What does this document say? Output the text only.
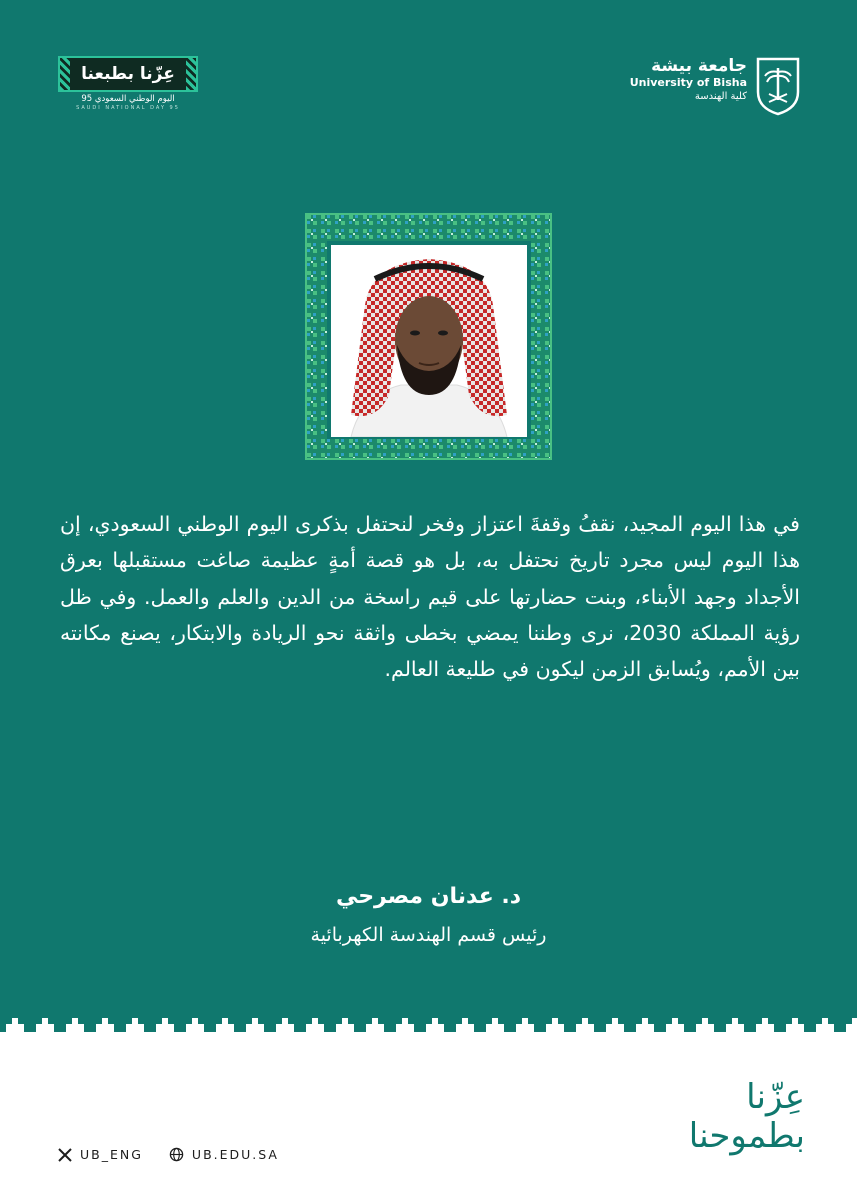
عِزّنا بطبعنا
اليوم الوطني السعودي 95
SAUDI NATIONAL DAY 95
جامعة بيشة
University of Bisha
كلية الهندسة
في هذا اليوم المجيد، نقفُ وقفةَ اعتزاز وفخر لنحتفل بذكرى اليوم الوطني السعودي، إن هذا اليوم ليس مجرد تاريخ نحتفل به، بل هو قصة أمةٍ عظيمة صاغت مستقبلها بعرق الأجداد وجهد الأبناء، وبنت حضارتها على قيم راسخة من الدين والعلم والعمل. وفي ظل رؤية المملكة 2030، نرى وطننا يمضي بخطى واثقة نحو الريادة والابتكار، يصنع مكانته بين الأمم، ويُسابق الزمن ليكون في طليعة العالم.
د. عدنان مصرحي
رئيس قسم الهندسة الكهربائية
UB_ENG	UB.EDU.SA
عِزّنا
بطموحنا
